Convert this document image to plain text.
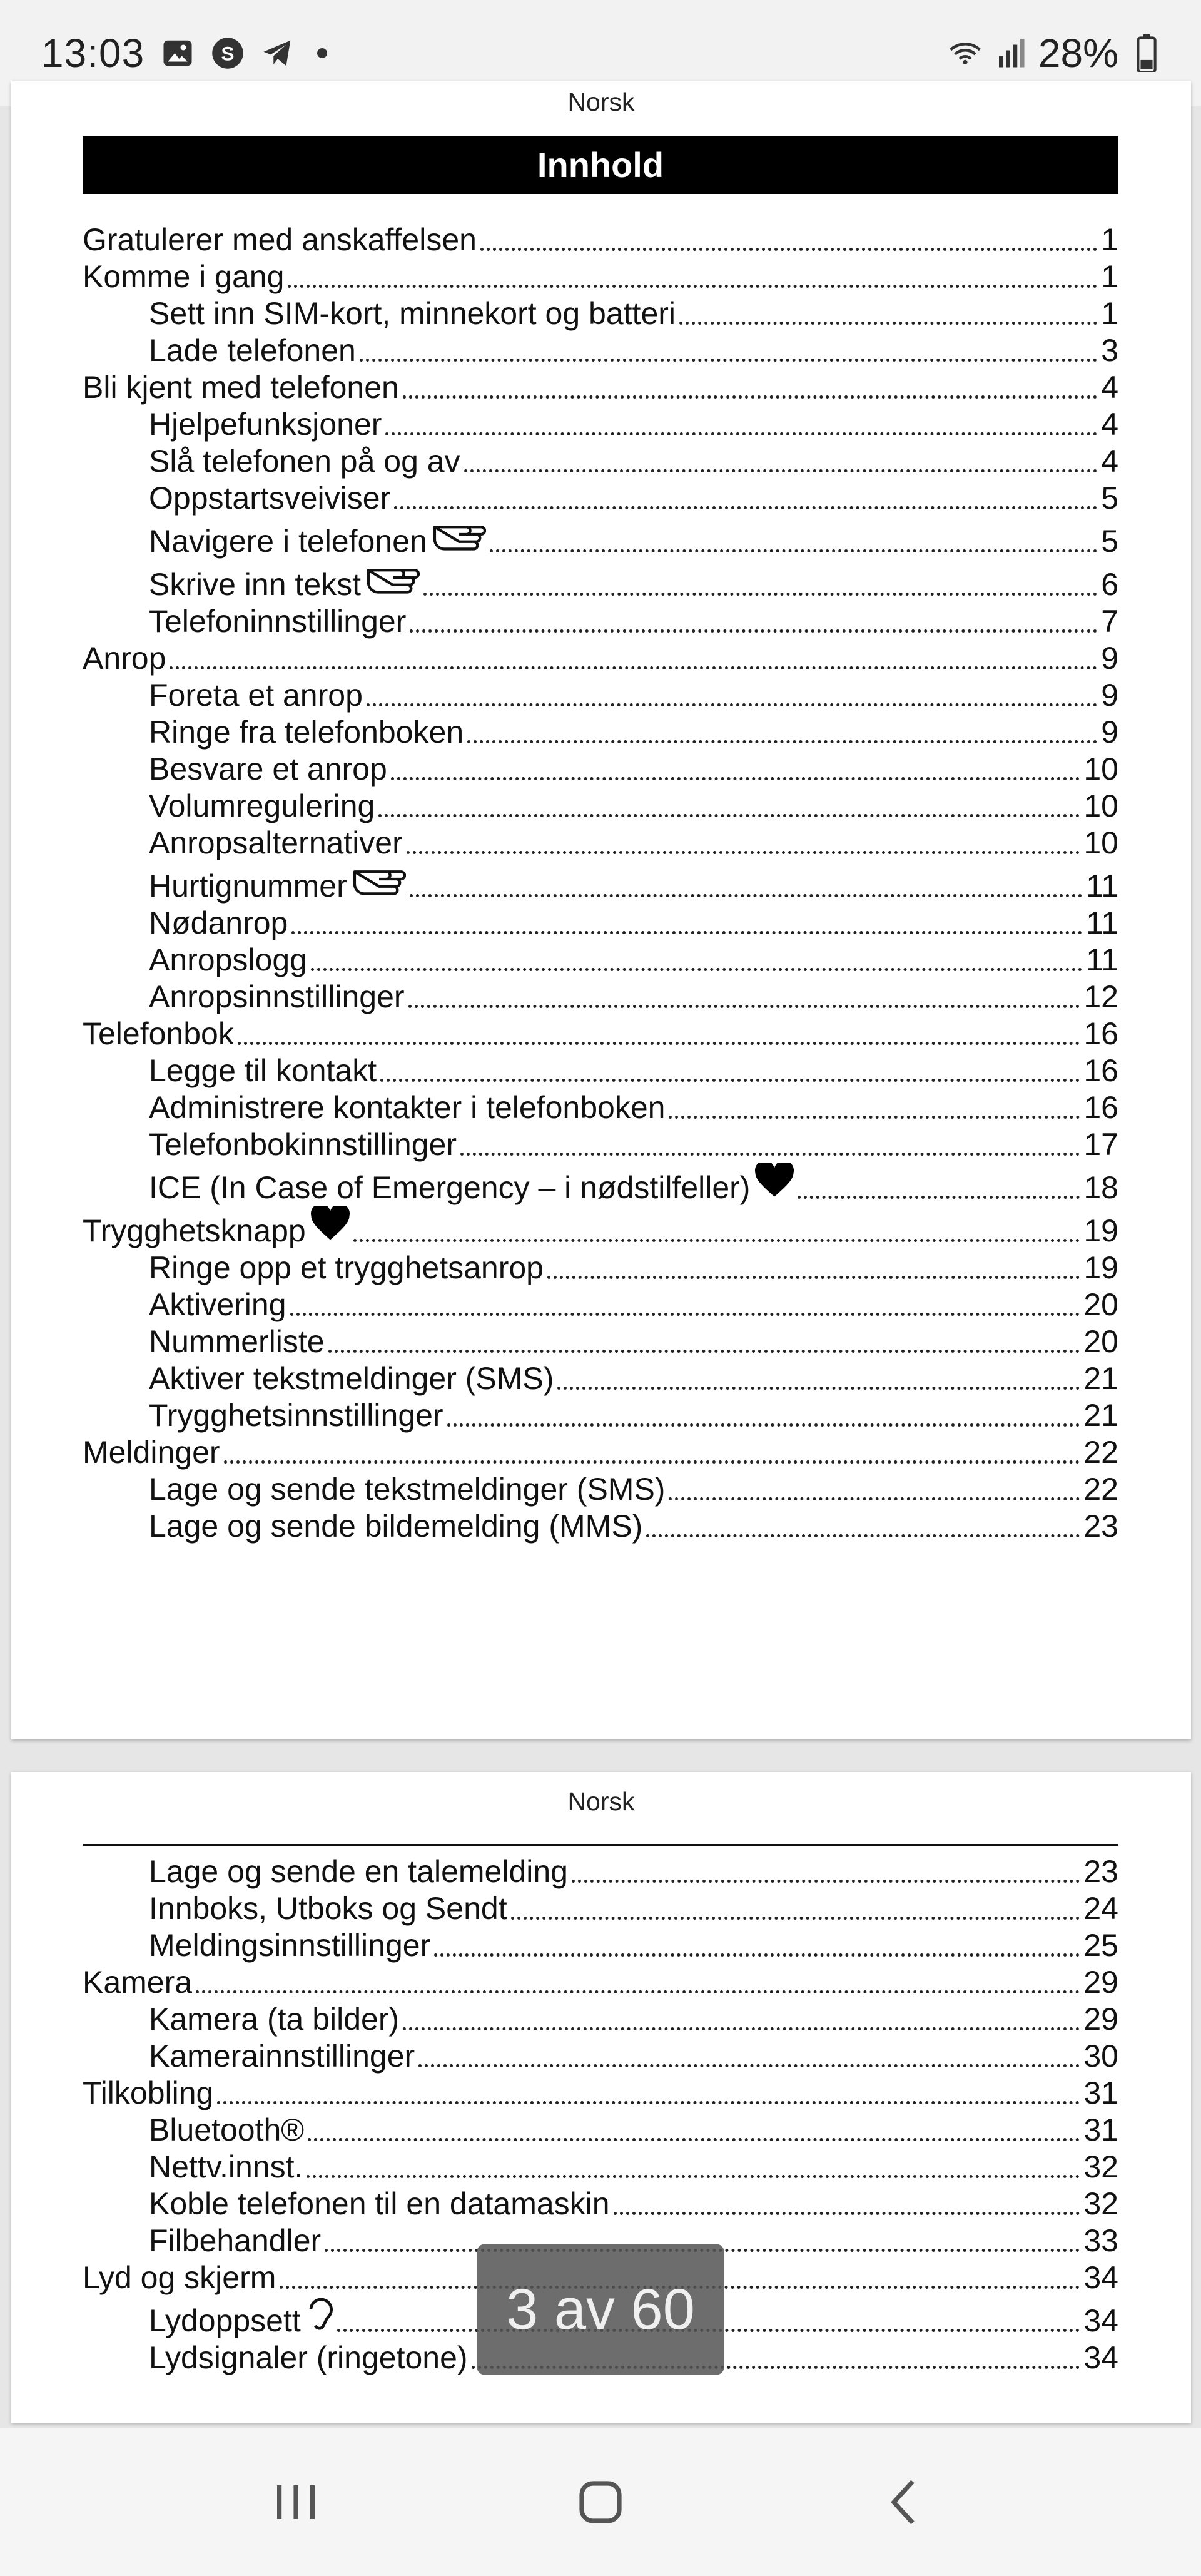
13:03	S	28%
Norsk
Innhold
Gratulerer med anskaffelsen	1
Komme i gang	1
Sett inn SIM-kort, minnekort og batteri	1
Lade telefonen	3
Bli kjent med telefonen	4
Hjelpefunksjoner	4
Slå telefonen på og av	4
Oppstartsveiviser	5
Navigere i telefonen	5
Skrive inn tekst	6
Telefoninnstillinger	7
Anrop	9
Foreta et anrop	9
Ringe fra telefonboken	9
Besvare et anrop	10
Volumregulering	10
Anropsalternativer	10
Hurtignummer	11
Nødanrop	11
Anropslogg	11
Anropsinnstillinger	12
Telefonbok	16
Legge til kontakt	16
Administrere kontakter i telefonboken	16
Telefonbokinnstillinger	17
ICE (In Case of Emergency – i nødstilfeller)	18
Trygghetsknapp	19
Ringe opp et trygghetsanrop	19
Aktivering	20
Nummerliste	20
Aktiver tekstmeldinger (SMS)	21
Trygghetsinnstillinger	21
Meldinger	22
Lage og sende tekstmeldinger (SMS)	22
Lage og sende bildemelding (MMS)	23
Norsk
Lage og sende en talemelding	23
Innboks, Utboks og Sendt	24
Meldingsinnstillinger	25
Kamera	29
Kamera (ta bilder)	29
Kamerainnstillinger	30
Tilkobling	31
Bluetooth®	31
Nettv.innst.	32
Koble telefonen til en datamaskin	32
Filbehandler	33
Lyd og skjerm	34
Lydoppsett	34
Lydsignaler (ringetone)	34
3 av 60
